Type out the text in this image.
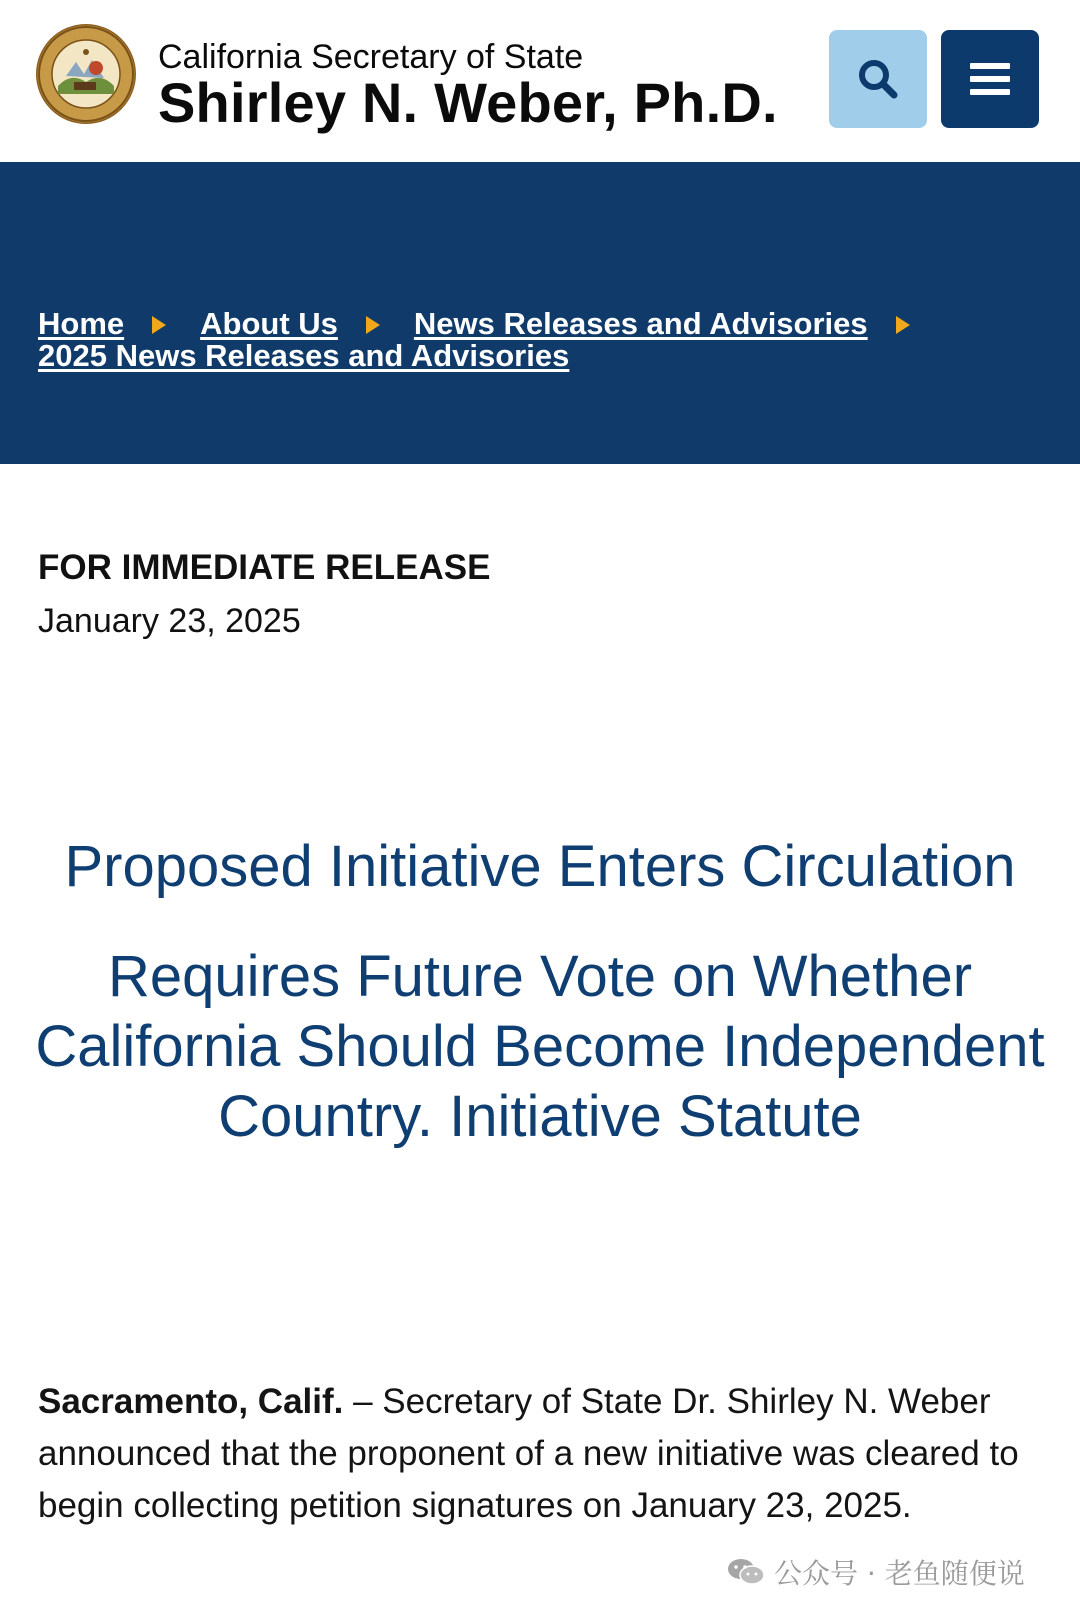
California Secretary of State
Shirley N. Weber, Ph.D.
Home About Us News Releases and Advisories
2025 News Releases and Advisories
FOR IMMEDIATE RELEASE
January 23, 2025
Proposed Initiative Enters Circulation
Requires Future Vote on Whether California Should Become Independent Country. Initiative Statute
Sacramento, Calif. – Secretary of State Dr. Shirley N. Weber announced that the proponent of a new initiative was cleared to begin collecting petition signatures on January 23, 2025.
公众号 · 老鱼随便说
